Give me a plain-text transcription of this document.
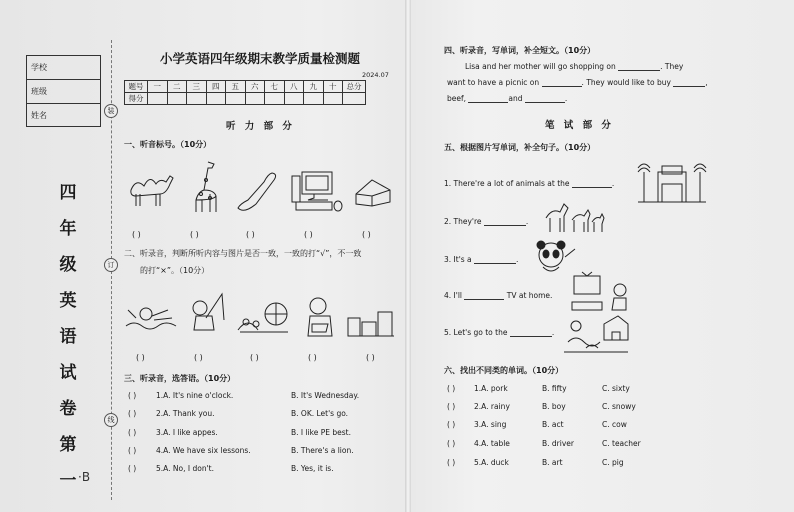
学校
班级
姓名
四
年
级
英
语
试
卷
第
一
装
订
线
·B
小学英语四年级期末教学质量检测题
2024.07
题号	一	二	三	四	五	六	七	八	九	十	总分
得分											
听 力 部 分
一、听音标号。（10分）
( )	( )	( )	( )	( )
二、听录音，判断所听内容与图片是否一致，一致的打“√”，不一致
的打“×”。（10分）
( )	( )	( )	( )	( )
三、听录音，选答语。（10分）
( )	1.A. It's nine o'clock.	B. It's Wednesday.
( )	2.A. Thank you.	B. OK. Let's go.
( )	3.A. I like appes.	B. I like PE best.
( )	4.A. We have six lessons.	B. There's a lion.
( )	5.A. No, I don't.	B. Yes, it is.
四、听录音，写单词，补全短文。（10分）
Lisa and her mother will go shopping on	. They
want to have a picnic on	. They would like to buy	,
beef,	and	.
笔 试 部 分
五、根据图片写单词，补全句子。（10分）
1. There're a lot of animals at the	.
2. They're	.
3. It's a	.
4. I'll	TV at home.
5. Let's go to the	.
六、找出不同类的单词。（10分）
( )	1.A. pork	B. fifty	C. sixty
( )	2.A. rainy	B. boy	C. snowy
( )	3.A. sing	B. act	C. cow
( )	4.A. table	B. driver	C. teacher
( )	5.A. duck	B. art	C. pig
